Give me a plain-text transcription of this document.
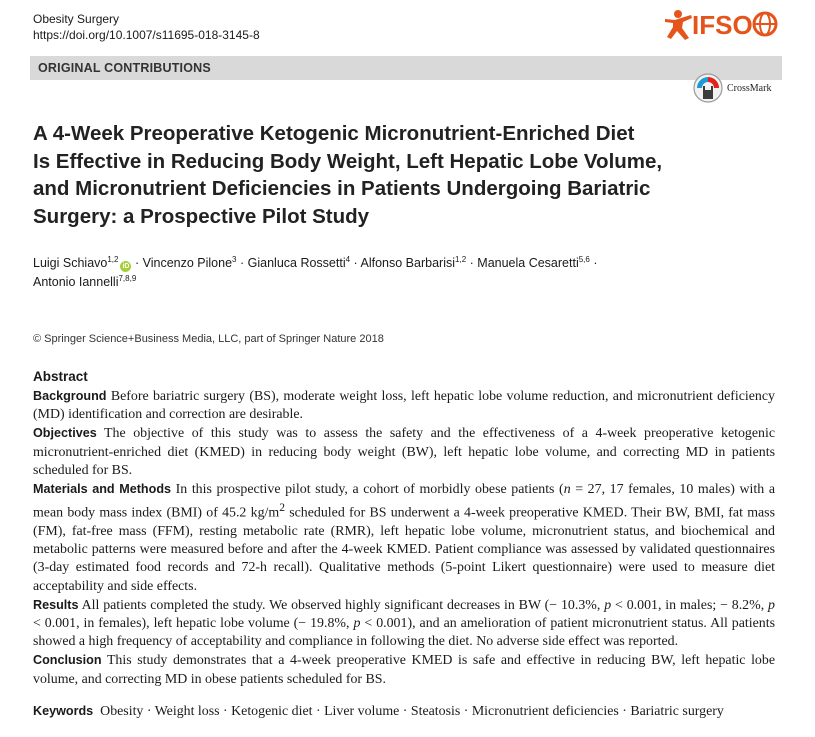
Obesity Surgery
https://doi.org/10.1007/s11695-018-3145-8	IFSO
ORIGINAL CONTRIBUTIONS
CrossMark
A 4-Week Preoperative Ketogenic Micronutrient-Enriched Diet
Is Effective in Reducing Body Weight, Left Hepatic Lobe Volume,
and Micronutrient Deficiencies in Patients Undergoing Bariatric
Surgery: a Prospective Pilot Study
Luigi Schiavo$^{1,2}$iD · Vincenzo Pilone$^3$ · Gianluca Rossetti$^4$ · Alfonso Barbarisi$^{1,2}$ · Manuela Cesaretti$^{5,6}$ ·
Antonio Iannelli$^{7,8,9}$
© Springer Science+Business Media, LLC, part of Springer Nature 2018
Abstract

Background Before bariatric surgery (BS), moderate weight loss, left hepatic lobe volume reduction, and micronutrient deficiency (MD) identification and correction are desirable.

Objectives The objective of this study was to assess the safety and the effectiveness of a 4-week preoperative ketogenic micronutrient-enriched diet (KMED) in reducing body weight (BW), left hepatic lobe volume, and correcting MD in patients scheduled for BS.

Materials and Methods In this prospective pilot study, a cohort of morbidly obese patients (n = 27, 17 females, 10 males) with a mean body mass index (BMI) of 45.2 $kg/m^2$ scheduled for BS underwent a 4-week preoperative KMED. Their BW, BMI, fat mass (FM), fat-free mass (FFM), resting metabolic rate (RMR), left hepatic lobe volume, micronutrient status, and biochemical and metabolic patterns were measured before and after the 4-week KMED. Patient compliance was assessed by validated questionnaires (3-day estimated food records and 72-h recall). Qualitative methods (5-point Likert questionnaire) were used to measure diet acceptability and side effects.

Results All patients completed the study. We observed highly significant decreases in BW (− 10.3%, p < 0.001, in males; − 8.2%, p < 0.001, in females), left hepatic lobe volume (− 19.8%, p < 0.001), and an amelioration of patient micronutrient status. All patients showed a high frequency of acceptability and compliance in following the diet. No adverse side effect was reported.

Conclusion This study demonstrates that a 4-week preoperative KMED is safe and effective in reducing BW, left hepatic lobe volume, and correcting MD in obese patients scheduled for BS.

Keywords Obesity · Weight loss · Ketogenic diet · Liver volume · Steatosis · Micronutrient deficiencies · Bariatric surgery
